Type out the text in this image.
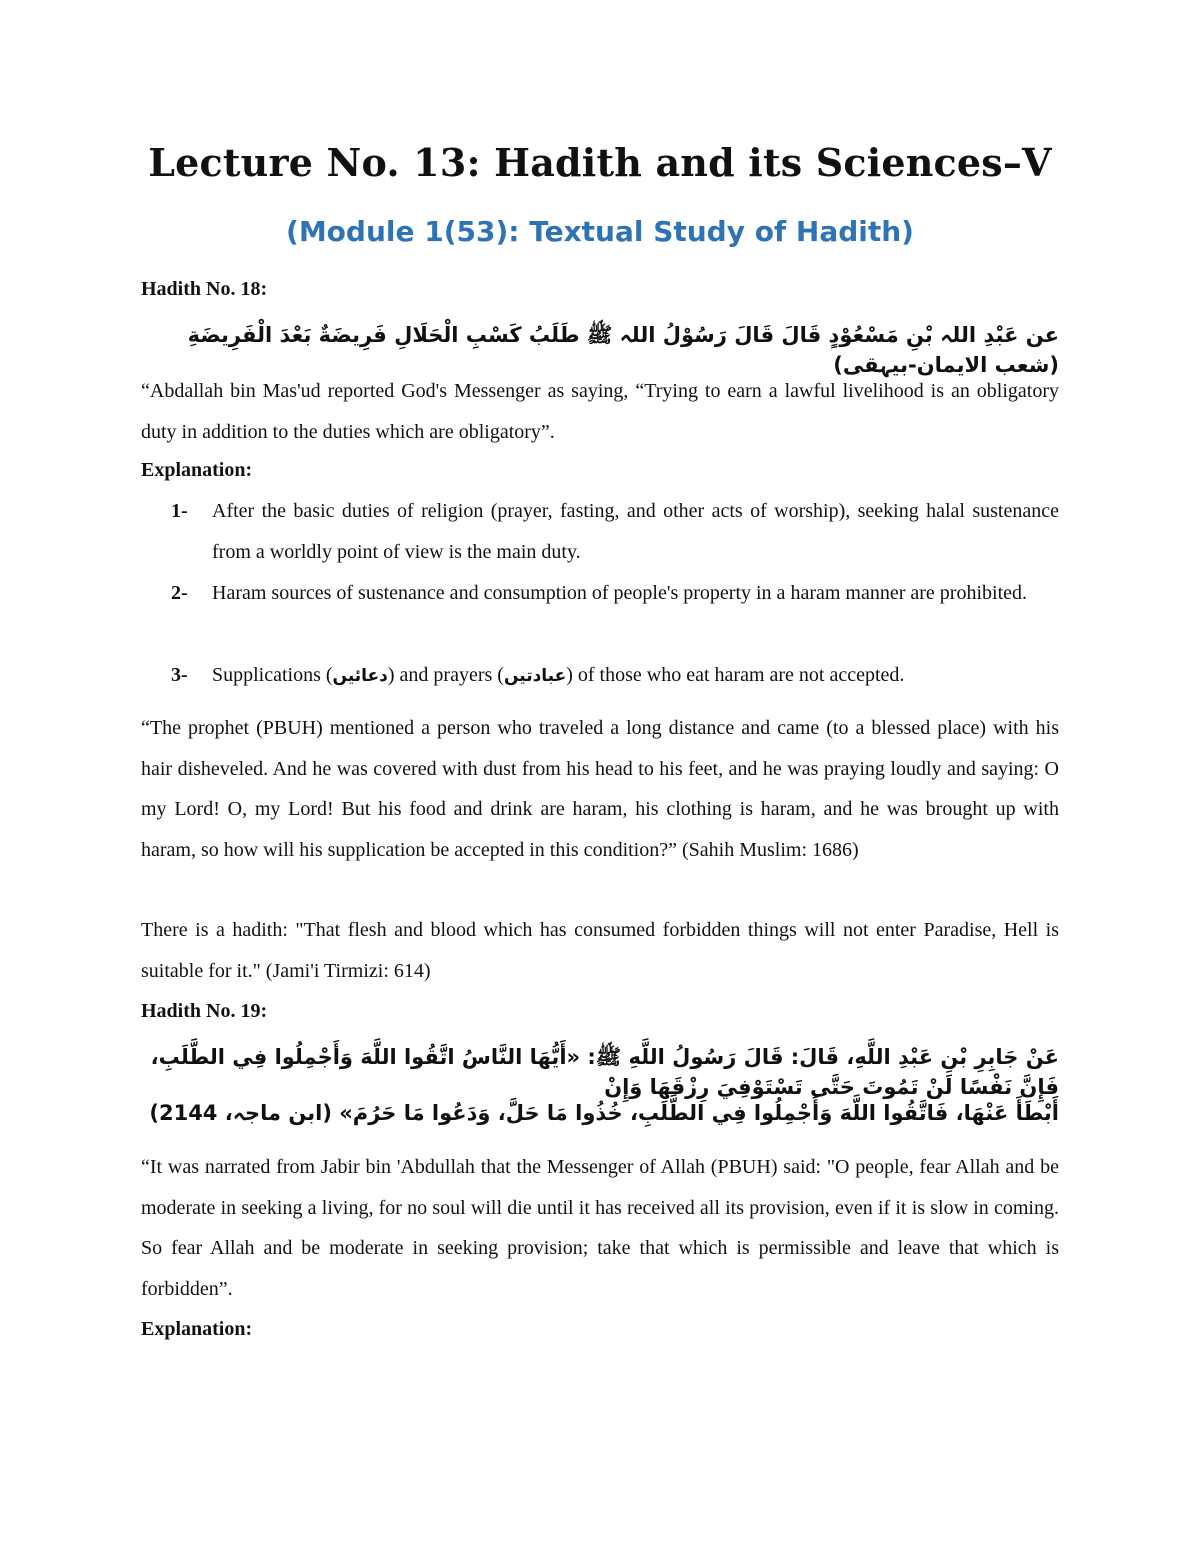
Lecture No. 13: Hadith and its Sciences–V
(Module 1(53): Textual Study of Hadith)
Hadith No. 18:
عن عَبْدِ اللہ بْنِ مَسْعُوْدٍ قَالَ قَالَ رَسُوْلُ اللہ ﷺ طَلَبُ كَسْبِ الْحَلَالِ فَرِيضَةٌ بَعْدَ الْفَرِيضَةِ (شعب الایمان-بیہقی)
“Abdallah bin Mas'ud reported God's Messenger as saying, “Trying to earn a lawful livelihood is an obligatory duty in addition to the duties which are obligatory”.
Explanation:
1- After the basic duties of religion (prayer, fasting, and other acts of worship), seeking halal sustenance from a worldly point of view is the main duty.
2- Haram sources of sustenance and consumption of people's property in a haram manner are prohibited.
3- Supplications (دعائیں) and prayers (عبادتیں) of those who eat haram are not accepted.
“The prophet (PBUH) mentioned a person who traveled a long distance and came (to a blessed place) with his hair disheveled. And he was covered with dust from his head to his feet, and he was praying loudly and saying: O my Lord! O, my Lord! But his food and drink are haram, his clothing is haram, and he was brought up with haram, so how will his supplication be accepted in this condition?” (Sahih Muslim: 1686)
There is a hadith: "That flesh and blood which has consumed forbidden things will not enter Paradise, Hell is suitable for it." (Jami'i Tirmizi: 614)
Hadith No. 19:
عَنْ جَابِرِ بْنِ عَبْدِ اللَّهِ، قَالَ: قَالَ رَسُولُ اللَّهِ ﷺ: «أَيُّهَا النَّاسُ اتَّقُوا اللَّهَ وَأَجْمِلُوا فِي الطَّلَبِ، فَإِنَّ نَفْسًا لَنْ تَمُوتَ حَتَّى تَسْتَوْفِيَ رِزْقَهَا وَإِنْ
أَبْطَأَ عَنْهَا، فَاتَّقُوا اللَّهَ وَأَجْمِلُوا فِي الطَّلَبِ، خُذُوا مَا حَلَّ، وَدَعُوا مَا حَرُمَ» (ابن ماجہ، 2144)
“It was narrated from Jabir bin 'Abdullah that the Messenger of Allah (PBUH) said: "O people, fear Allah and be moderate in seeking a living, for no soul will die until it has received all its provision, even if it is slow in coming. So fear Allah and be moderate in seeking provision; take that which is permissible and leave that which is forbidden”.
Explanation:
